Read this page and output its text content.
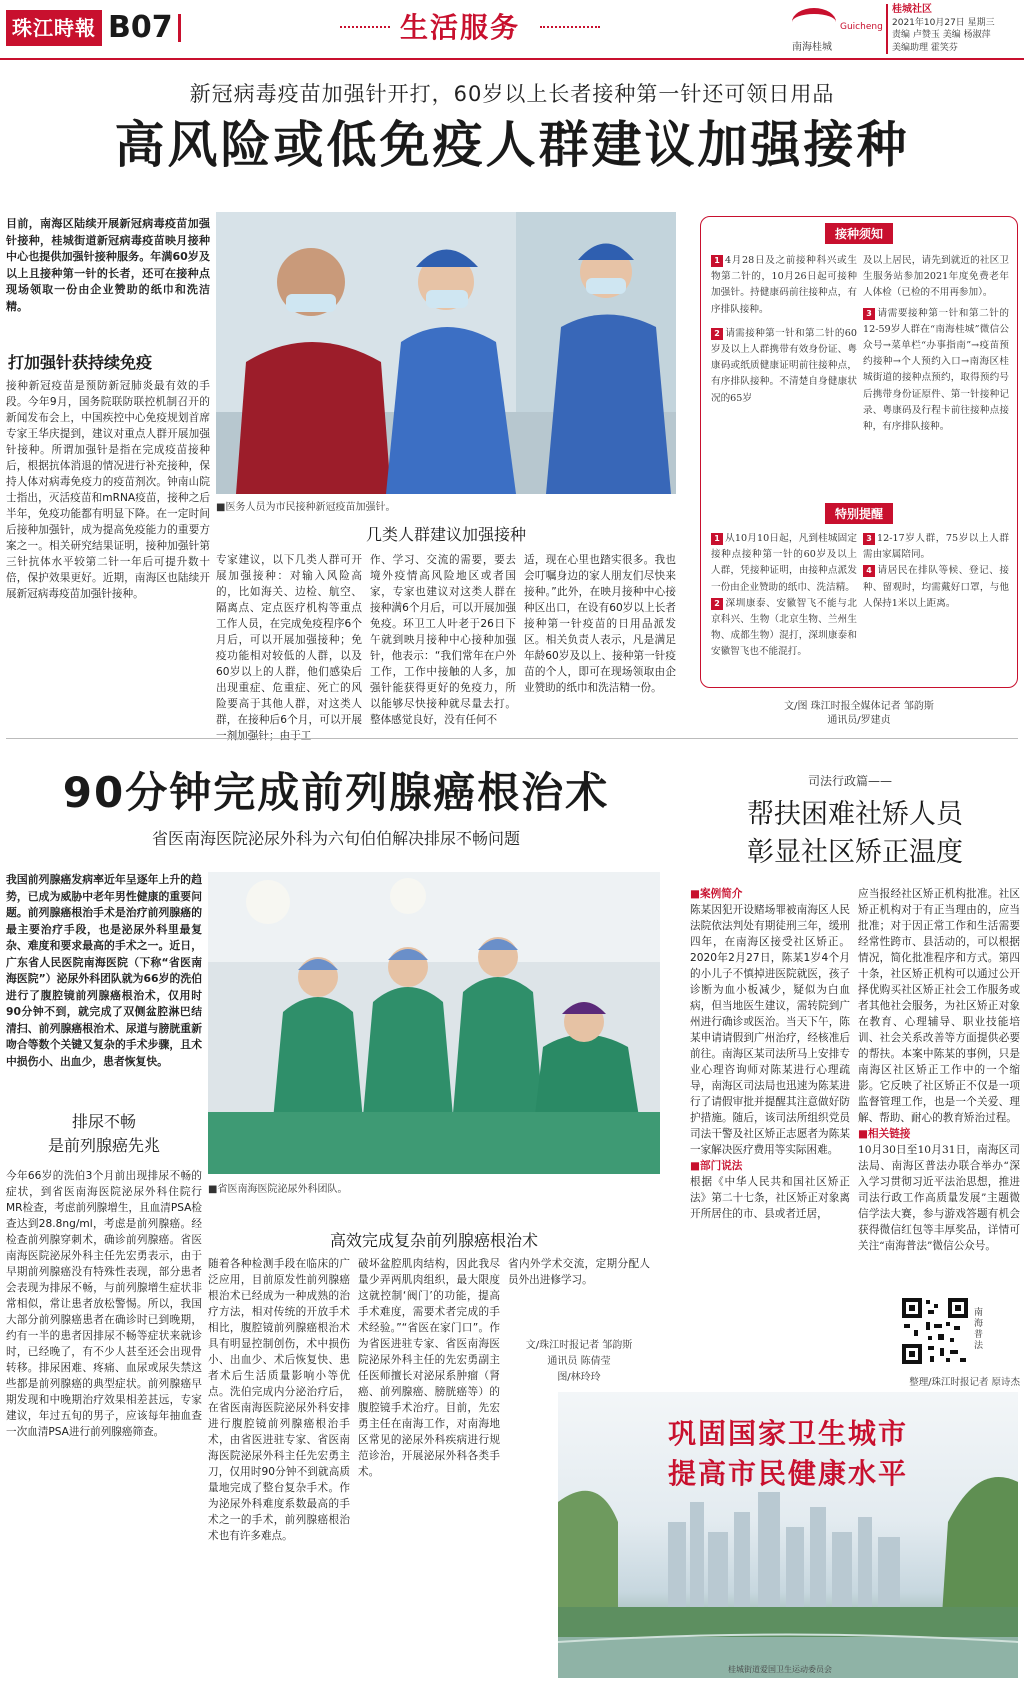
珠江時報 B07	生活服务	Guicheng
南海桂城
桂城社区
2021年10月27日 星期三
责编 卢赞玉 美编 杨淑萍
美编助理 霍笑芬
新冠病毒疫苗加强针开打，60岁以上长者接种第一针还可领日用品
高风险或低免疫人群建议加强接种
目前，南海区陆续开展新冠病毒疫苗加强针接种，桂城街道新冠病毒疫苗映月接种中心也提供加强针接种服务。年满60岁及以上且接种第一针的长者，还可在接种点现场领取一份由企业赞助的纸巾和洗洁精。
打加强针获持续免疫
接种新冠疫苗是预防新冠肺炎最有效的手段。今年9月，国务院联防联控机制召开的新闻发布会上，中国疾控中心免疫规划首席专家王华庆提到，建议对重点人群开展加强针接种。所谓加强针是指在完成疫苗接种后，根据抗体消退的情况进行补充接种，保持人体对病毒免疫力的疫苗剂次。钟南山院士指出，灭活疫苗和mRNA疫苗，接种之后半年，免疫功能都有明显下降。在一定时间后接种加强针，成为提高免疫能力的重要方案之一。相关研究结果证明，接种加强针第三针抗体水平较第二针一年后可提升数十倍，保护效果更好。近期，南海区也陆续开展新冠病毒疫苗加强针接种。
■医务人员为市民接种新冠疫苗加强针。
几类人群建议加强接种
专家建议，以下几类人群可开展加强接种：对输入风险高的，比如海关、边检、航空、隔离点、定点医疗机构等重点工作人员，在完成免疫程序6个月后，可以开展加强接种；免疫功能相对较低的人群，以及60岁以上的人群，他们感染后出现重症、危重症、死亡的风险要高于其他人群，对这类人群，在接种后6个月，可以开展一剂加强针；由于工
作、学习、交流的需要，要去境外疫情高风险地区或者国家，专家也建议对这类人群在接种满6个月后，可以开展加强免疫。环卫工人叶老于26日下午就到映月接种中心接种加强针，他表示：“我们常年在户外工作，工作中接触的人多，加强针能获得更好的免疫力，所以能够尽快接种就尽量去打。整体感觉良好，没有任何不
适，现在心里也踏实很多。我也会叮嘱身边的家人朋友们尽快来接种。”此外，在映月接种中心接种区出口，在设有60岁以上长者接种第一针疫苗的日用品派发区。相关负责人表示，凡是满足年龄60岁及以上、接种第一针疫苗的个人，即可在现场领取由企业赞助的纸巾和洗洁精一份。
接种须知

1 4月28日及之前接种科兴或生物第二针的，10月26日起可接种加强针。持健康码前往接种点，有序排队接种。

2 请需接种第一针和第二针的60岁及以上人群携带有效身份证、粤康码或纸质健康证明前往接种点，有序排队接种。不清楚自身健康状况的65岁

及以上居民，请先到就近的社区卫生服务站参加2021年度免费老年人体检（已检的不用再参加）。

3 请需要接种第一针和第二针的12-59岁人群在“南海桂城”微信公众号→菜单栏“办事指南”→疫苗预约接种→个人预约入口→南海区桂城街道的接种点预约，取得预约号后携带身份证原件、第一针接种记录、粤康码及行程卡前往接种点接种，有序排队接种。

特别提醒

1 从10月10日起，凡到桂城固定接种点接种第一针的60岁及以上人群，凭接种证明，由接种点派发一份由企业赞助的纸巾、洗洁精。

2 深圳康泰、安徽智飞不能与北京科兴、生物（北京生物、兰州生物、成都生物）混打，深圳康泰和安徽智飞也不能混打。

3 12-17岁人群，75岁以上人群需由家属陪同。

4 请居民在排队等候、登记、接种、留观时，均需戴好口罩，与他人保持1米以上距离。

文/图 珠江时报全媒体记者 邹韵斯
通讯员/罗建贞
90分钟完成前列腺癌根治术
省医南海医院泌尿外科为六旬伯伯解决排尿不畅问题
我国前列腺癌发病率近年呈逐年上升的趋势，已成为威胁中老年男性健康的重要问题。前列腺癌根治手术是治疗前列腺癌的最主要治疗手段，也是泌尿外科里最复杂、难度和要求最高的手术之一。近日，广东省人民医院南海医院（下称“省医南海医院”）泌尿外科团队就为66岁的洗伯进行了腹腔镜前列腺癌根治术，仅用时90分钟不到，就完成了双侧盆腔淋巴结清扫、前列腺癌根治术、尿道与膀胱重新吻合等数个关键又复杂的手术步骤，且术中损伤小、出血少，患者恢复快。
排尿不畅
是前列腺癌先兆
今年66岁的洗伯3个月前出现排尿不畅的症状，到省医南海医院泌尿外科住院行MR检查，考虑前列腺增生，且血清PSA检查达到28.8ng/ml，考虑是前列腺癌。经检查前列腺穿刺术，确诊前列腺癌。省医南海医院泌尿外科主任先宏勇表示，由于早期前列腺癌没有特殊性表现，部分患者会表现为排尿不畅，与前列腺增生症状非常相似，常让患者放松警惕。所以，我国大部分前列腺癌患者在确诊时已到晚期，约有一半的患者因排尿不畅等症状来就诊时，已经晚了，有不少人甚至还会出现骨转移。排尿困难、疼痛、血尿或尿失禁这些都是前列腺癌的典型症状。前列腺癌早期发现和中晚期治疗效果相差甚远，专家建议，年过五旬的男子，应该每年抽血查一次血清PSA进行前列腺癌筛查。
■省医南海医院泌尿外科团队。
高效完成复杂前列腺癌根治术
随着各种检测手段在临床的广泛应用，目前原发性前列腺癌根治术已经成为一种成熟的治疗方法，相对传统的开放手术相比，腹腔镜前列腺癌根治术具有明显控制创伤，术中损伤小、出血少、术后恢复快、患者术后生活质量影响小等优点。洗伯完成内分泌治疗后，在省医南海医院泌尿外科安排进行腹腔镜前列腺癌根治手术，由省医进驻专家、省医南海医院泌尿外科主任先宏勇主刀，仅用时90分钟不到就高质量地完成了整台复杂手术。作为泌尿外科难度系数最高的手术之一的手术，前列腺癌根治术也有许多难点。
破坏盆腔肌肉结构，因此我尽量少弄两肌肉组织，最大限度这就控制‘阀门’的功能，提高手术难度，需要术者完成的手术经验。”“省医在家门口”。作为省医进驻专家、省医南海医院泌尿外科主任的先宏勇副主任医师擅长对泌尿系肿瘤（肾癌、前列腺癌、膀胱癌等）的腹腔镜手术治疗。目前，先宏勇主任在南海工作，对南海地区常见的泌尿外科疾病进行规范诊治，开展泌尿外科各类手术。
省内外学术交流，定期分配人员外出进修学习。
文/珠江时报记者 邹韵斯
通讯员 陈倩莹
图/林玲玲
司法行政篇——
帮扶困难社矫人员
彰显社区矫正温度
■案例简介
陈某因犯开设赌场罪被南海区人民法院依法判处有期徒刑三年，缓刑四年，在南海区接受社区矫正。2020年2月27日，陈某1岁4个月的小儿子不慎掉进医院就医，孩子诊断为血小板减少，疑似为白血病，但当地医生建议，需转院到广州进行确诊或医治。当天下午，陈某申请请假到广州治疗，经核准后前往。南海区某司法所马上安排专业心理咨询师对陈某进行心理疏导，南海区司法局也迅速为陈某进行了请假审批并提醒其注意做好防护措施。随后，该司法所组织党员司法干警及社区矫正志愿者为陈某一家解决医疗费用等实际困难。
■部门说法
根据《中华人民共和国社区矫正法》第二十七条，社区矫正对象离开所居住的市、县或者迁居，
应当报经社区矫正机构批准。社区矫正机构对于有正当理由的，应当批准；对于因正常工作和生活需要经常性跨市、县活动的，可以根据情况，简化批准程序和方式。第四十条，社区矫正机构可以通过公开择优购买社区矫正社会工作服务或者其他社会服务，为社区矫正对象在教育、心理辅导、职业技能培训、社会关系改善等方面提供必要的帮扶。本案中陈某的事例，只是南海区社区矫正工作中的一个缩影。它反映了社区矫正不仅是一项监督管理工作，也是一个关爱、理解、帮助、耐心的教育矫治过程。
■相关链接
10月30日至10月31日，南海区司法局、南海区普法办联合举办“深入学习贯彻习近平法治思想，推进司法行政工作高质量发展”主题微信学法大赛，参与游戏答题有机会获得微信红包等丰厚奖品，详情可关注“南海普法”微信公众号。
南海普法
整理/珠江时报记者 原诗杰
巩固国家卫生城市
提高市民健康水平
桂城街道爱国卫生运动委员会
